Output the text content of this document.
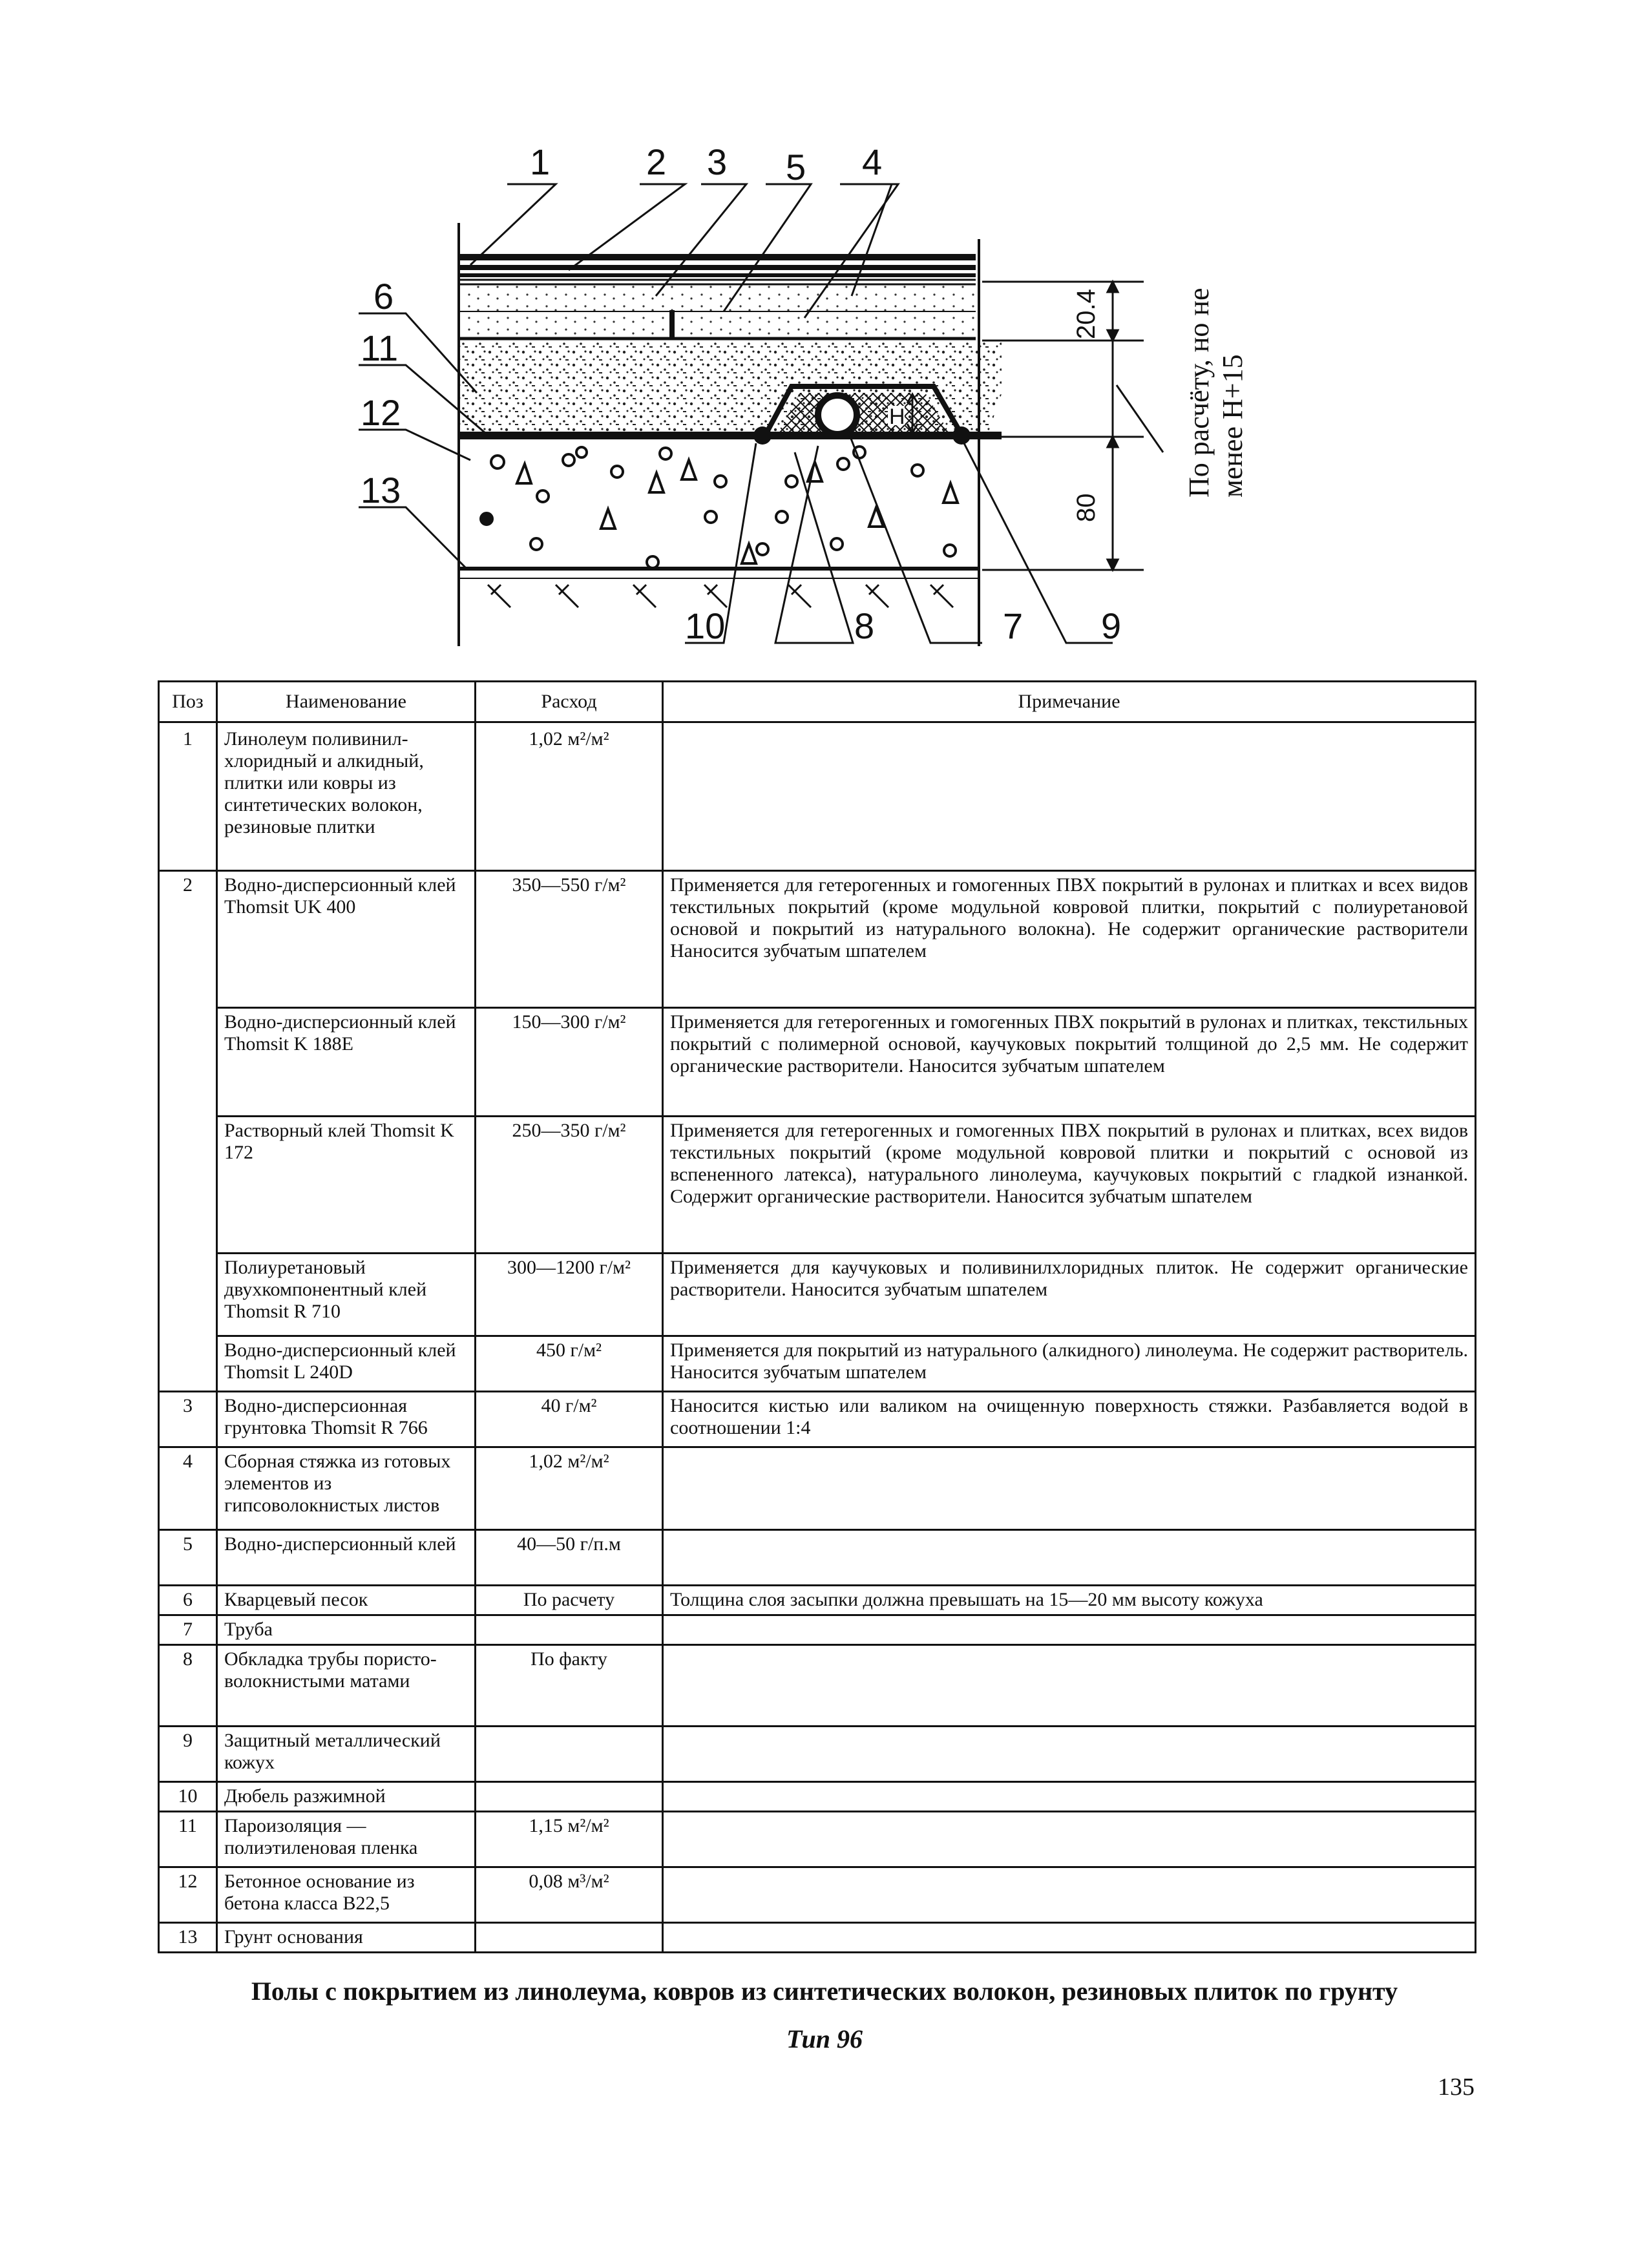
Н
20.4
80
По расчёту, но не менее Н+15
1	2 3 5 4
6
11
12
13
10	8	7 9
Поз	Наименование	Расход	Примечание
1	Линолеум поливинил-хлоридный и алкидный, плитки или ковры из синтетических волокон, резиновые плитки	1,02 м²/м²	
2	Водно-дисперсионный клей Thomsit UK 400	350—550 г/м²	Применяется для гетерогенных и гомогенных ПВХ покрытий в рулонах и плитках и всех видов текстильных покрытий (кроме модульной ковровой плитки, покрытий с полиуретановой основой и покрытий из натурального волокна). Не содержит органические растворители Наносится зубчатым шпателем
	Водно-дисперсионный клей Thomsit K 188E	150—300 г/м²	Применяется для гетерогенных и гомогенных ПВХ покрытий в рулонах и плитках, текстильных покрытий с полимерной основой, каучуковых покрытий толщиной до 2,5 мм. Не содержит органические растворители. Наносится зубчатым шпателем
	Растворный клей Thomsit K 172	250—350 г/м²	Применяется для гетерогенных и гомогенных ПВХ покрытий в рулонах и плитках, всех видов текстильных покрытий (кроме модульной ковровой плитки и покрытий с основой из вспененного латекса), натурального линолеума, каучуковых покрытий с гладкой изнанкой. Содержит органические растворители. Наносится зубчатым шпателем
	Полиуретановый двухкомпонентный клей Thomsit R 710	300—1200 г/м²	Применяется для каучуковых и поливинилхлоридных плиток. Не содержит органические растворители. Наносится зубчатым шпателем
	Водно-дисперсионный клей Thomsit L 240D	450 г/м²	Применяется для покрытий из натурального (алкидного) линолеума. Не содержит растворитель. Наносится зубчатым шпателем
3	Водно-дисперсионная грунтовка Thomsit R 766	40 г/м²	Наносится кистью или валиком на очищенную поверхность стяжки. Разбавляется водой в соотношении 1:4
4	Сборная стяжка из готовых элементов из гипсоволокнистых листов	1,02 м²/м²	
5	Водно-дисперсионный клей	40—50 г/п.м	
6	Кварцевый песок	По расчету	Толщина слоя засыпки должна превышать на 15—20 мм высоту кожуха
7	Труба		
8	Обкладка трубы пористо-волокнистыми матами	По факту	
9	Защитный металлический кожух		
10	Дюбель разжимной		
11	Пароизоляция — полиэтиленовая пленка	1,15 м²/м²	
12	Бетонное основание из бетона класса В22,5	0,08 м³/м²	
13	Грунт основания		
Полы с покрытием из линолеума, ковров из синтетических волокон, резиновых плиток по грунту
Тип 96
135
